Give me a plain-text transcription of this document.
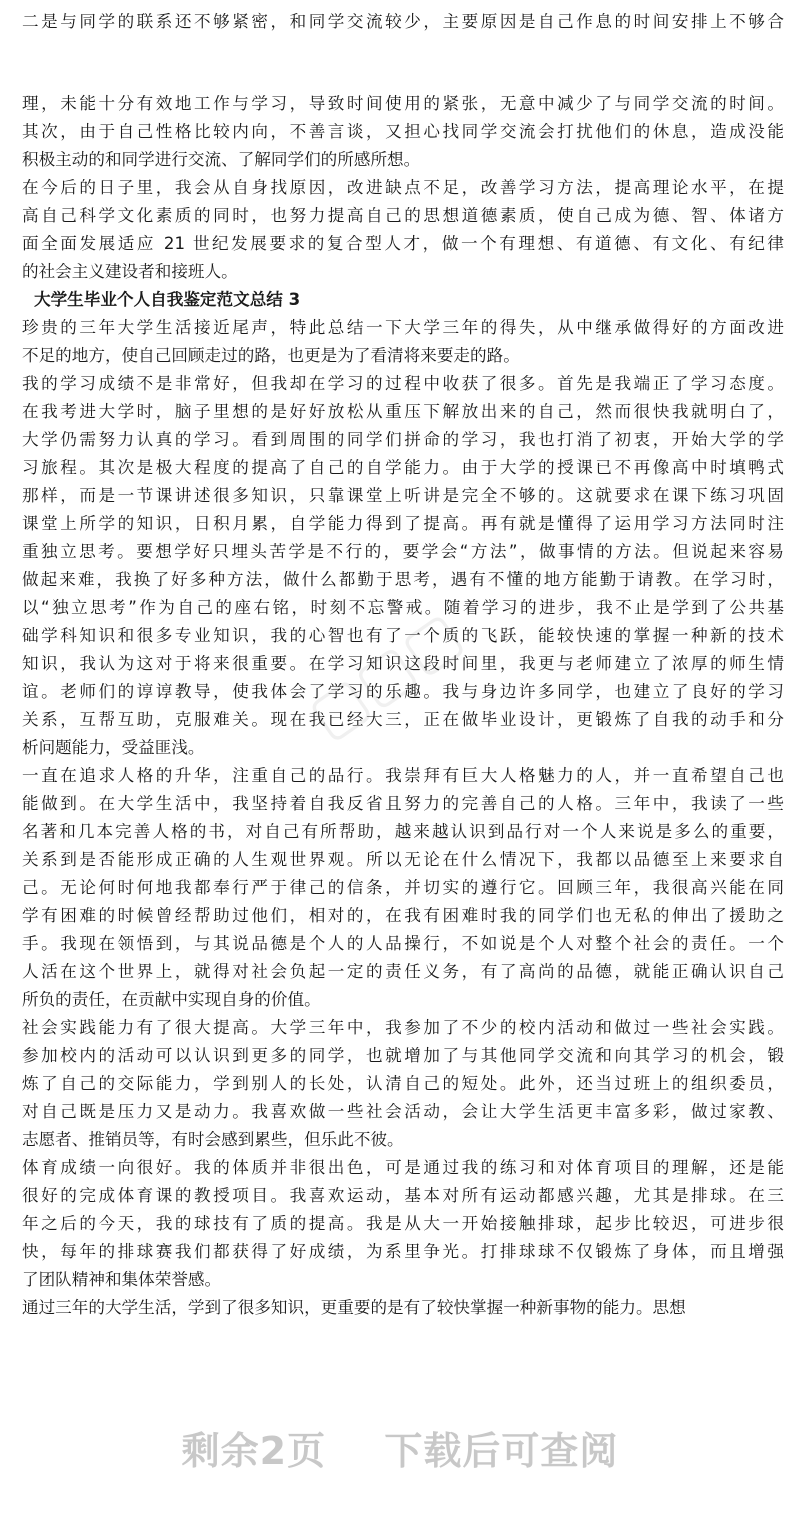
二是与同学的联系还不够紧密，和同学交流较少，主要原因是自己作息的时间安排上不够合
理，未能十分有效地工作与学习，导致时间使用的紧张，无意中减少了与同学交流的时间。
其次，由于自己性格比较内向，不善言谈，又担心找同学交流会打扰他们的休息，造成没能
积极主动的和同学进行交流、了解同学们的所感所想。
在今后的日子里，我会从自身找原因，改进缺点不足，改善学习方法，提高理论水平，在提
高自己科学文化素质的同时，也努力提高自己的思想道德素质，使自己成为德、智、体诸方
面全面发展适应 21 世纪发展要求的复合型人才，做一个有理想、有道德、有文化、有纪律
的社会主义建设者和接班人。
大学生毕业个人自我鉴定范文总结 3
珍贵的三年大学生活接近尾声，特此总结一下大学三年的得失，从中继承做得好的方面改进
不足的地方，使自己回顾走过的路，也更是为了看清将来要走的路。
我的学习成绩不是非常好，但我却在学习的过程中收获了很多。首先是我端正了学习态度。
在我考进大学时，脑子里想的是好好放松从重压下解放出来的自己，然而很快我就明白了，
大学仍需努力认真的学习。看到周围的同学们拼命的学习，我也打消了初衷，开始大学的学
习旅程。其次是极大程度的提高了自己的自学能力。由于大学的授课已不再像高中时填鸭式
那样，而是一节课讲述很多知识，只靠课堂上听讲是完全不够的。这就要求在课下练习巩固
课堂上所学的知识，日积月累，自学能力得到了提高。再有就是懂得了运用学习方法同时注
重独立思考。要想学好只埋头苦学是不行的，要学会“方法”，做事情的方法。但说起来容易
做起来难，我换了好多种方法，做什么都勤于思考，遇有不懂的地方能勤于请教。在学习时，
以“独立思考”作为自己的座右铭，时刻不忘警戒。随着学习的进步，我不止是学到了公共基
础学科知识和很多专业知识，我的心智也有了一个质的飞跃，能较快速的掌握一种新的技术
知识，我认为这对于将来很重要。在学习知识这段时间里，我更与老师建立了浓厚的师生情
谊。老师们的谆谆教导，使我体会了学习的乐趣。我与身边许多同学，也建立了良好的学习
关系，互帮互助，克服难关。现在我已经大三，正在做毕业设计，更锻炼了自我的动手和分
析问题能力，受益匪浅。
一直在追求人格的升华，注重自己的品行。我崇拜有巨大人格魅力的人，并一直希望自己也
能做到。在大学生活中，我坚持着自我反省且努力的完善自己的人格。三年中，我读了一些
名著和几本完善人格的书，对自己有所帮助，越来越认识到品行对一个人来说是多么的重要，
关系到是否能形成正确的人生观世界观。所以无论在什么情况下，我都以品德至上来要求自
己。无论何时何地我都奉行严于律己的信条，并切实的遵行它。回顾三年，我很高兴能在同
学有困难的时候曾经帮助过他们，相对的，在我有困难时我的同学们也无私的伸出了援助之
手。我现在领悟到，与其说品德是个人的人品操行，不如说是个人对整个社会的责任。一个
人活在这个世界上，就得对社会负起一定的责任义务，有了高尚的品德，就能正确认识自己
所负的责任，在贡献中实现自身的价值。
社会实践能力有了很大提高。大学三年中，我参加了不少的校内活动和做过一些社会实践。
参加校内的活动可以认识到更多的同学，也就增加了与其他同学交流和向其学习的机会，锻
炼了自己的交际能力，学到别人的长处，认清自己的短处。此外，还当过班上的组织委员，
对自己既是压力又是动力。我喜欢做一些社会活动，会让大学生活更丰富多彩，做过家教、
志愿者、推销员等，有时会感到累些，但乐此不彼。
体育成绩一向很好。我的体质并非很出色，可是通过我的练习和对体育项目的理解，还是能
很好的完成体育课的教授项目。我喜欢运动，基本对所有运动都感兴趣，尤其是排球。在三
年之后的今天，我的球技有了质的提高。我是从大一开始接触排球，起步比较迟，可进步很
快，每年的排球赛我们都获得了好成绩，为系里争光。打排球球不仅锻炼了身体，而且增强
了团队精神和集体荣誉感。
通过三年的大学生活，学到了很多知识，更重要的是有了较快掌握一种新事物的能力。思想
▢▢▢
剩余2页 下载后可查阅
